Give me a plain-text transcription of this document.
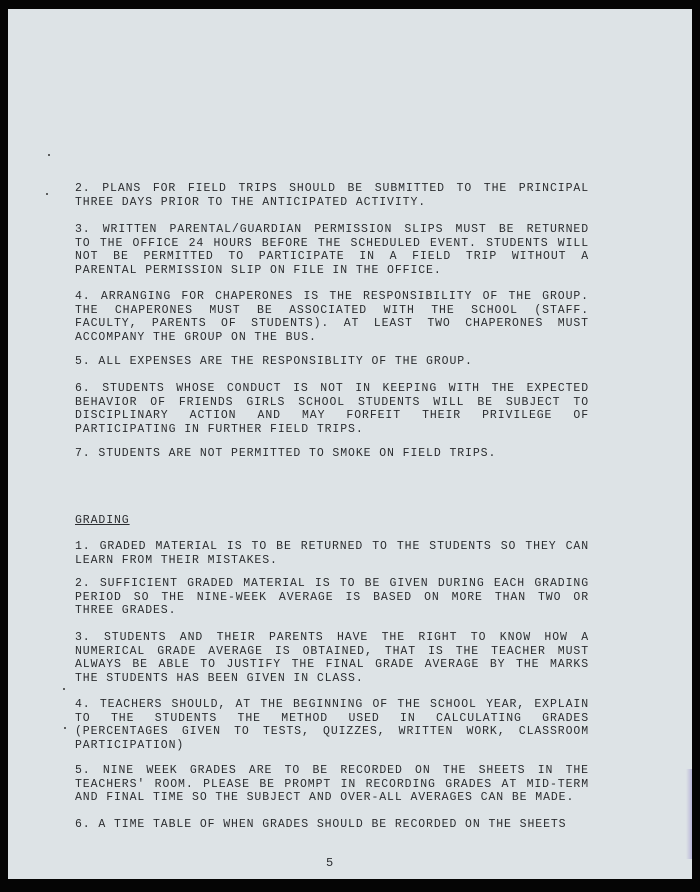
2. PLANS FOR FIELD TRIPS SHOULD BE SUBMITTED TO THE PRINCIPAL
THREE DAYS PRIOR TO THE ANTICIPATED ACTIVITY.
3. WRITTEN PARENTAL/GUARDIAN PERMISSION SLIPS MUST BE RETURNED
TO THE OFFICE 24 HOURS BEFORE THE SCHEDULED EVENT. STUDENTS WILL
NOT BE PERMITTED TO PARTICIPATE IN A FIELD TRIP WITHOUT A
PARENTAL PERMISSION SLIP ON FILE IN THE OFFICE.
4. ARRANGING FOR CHAPERONES IS THE RESPONSIBILITY OF THE GROUP.
THE CHAPERONES MUST BE ASSOCIATED WITH THE SCHOOL (STAFF.
FACULTY, PARENTS OF STUDENTS). AT LEAST TWO CHAPERONES MUST
ACCOMPANY THE GROUP ON THE BUS.
5. ALL EXPENSES ARE THE RESPONSIBLITY OF THE GROUP.
6. STUDENTS WHOSE CONDUCT IS NOT IN KEEPING WITH THE EXPECTED
BEHAVIOR OF FRIENDS GIRLS SCHOOL STUDENTS WILL BE SUBJECT TO
DISCIPLINARY ACTION AND MAY FORFEIT THEIR PRIVILEGE OF
PARTICIPATING IN FURTHER FIELD TRIPS.
7. STUDENTS ARE NOT PERMITTED TO SMOKE ON FIELD TRIPS.
GRADING
1. GRADED MATERIAL IS TO BE RETURNED TO THE STUDENTS SO THEY CAN
LEARN FROM THEIR MISTAKES.
2. SUFFICIENT GRADED MATERIAL IS TO BE GIVEN DURING EACH GRADING
PERIOD SO THE NINE-WEEK AVERAGE IS BASED ON MORE THAN TWO OR
THREE GRADES.
3. STUDENTS AND THEIR PARENTS HAVE THE RIGHT TO KNOW HOW A
NUMERICAL GRADE AVERAGE IS OBTAINED, THAT IS THE TEACHER MUST
ALWAYS BE ABLE TO JUSTIFY THE FINAL GRADE AVERAGE BY THE MARKS
THE STUDENTS HAS BEEN GIVEN IN CLASS.
4. TEACHERS SHOULD, AT THE BEGINNING OF THE SCHOOL YEAR, EXPLAIN
TO THE STUDENTS THE METHOD USED IN CALCULATING GRADES
(PERCENTAGES GIVEN TO TESTS, QUIZZES, WRITTEN WORK, CLASSROOM
PARTICIPATION)
5. NINE WEEK GRADES ARE TO BE RECORDED ON THE SHEETS IN THE
TEACHERS' ROOM. PLEASE BE PROMPT IN RECORDING GRADES AT MID-TERM
AND FINAL TIME SO THE SUBJECT AND OVER-ALL AVERAGES CAN BE MADE.
6. A TIME TABLE OF WHEN GRADES SHOULD BE RECORDED ON THE SHEETS
5
